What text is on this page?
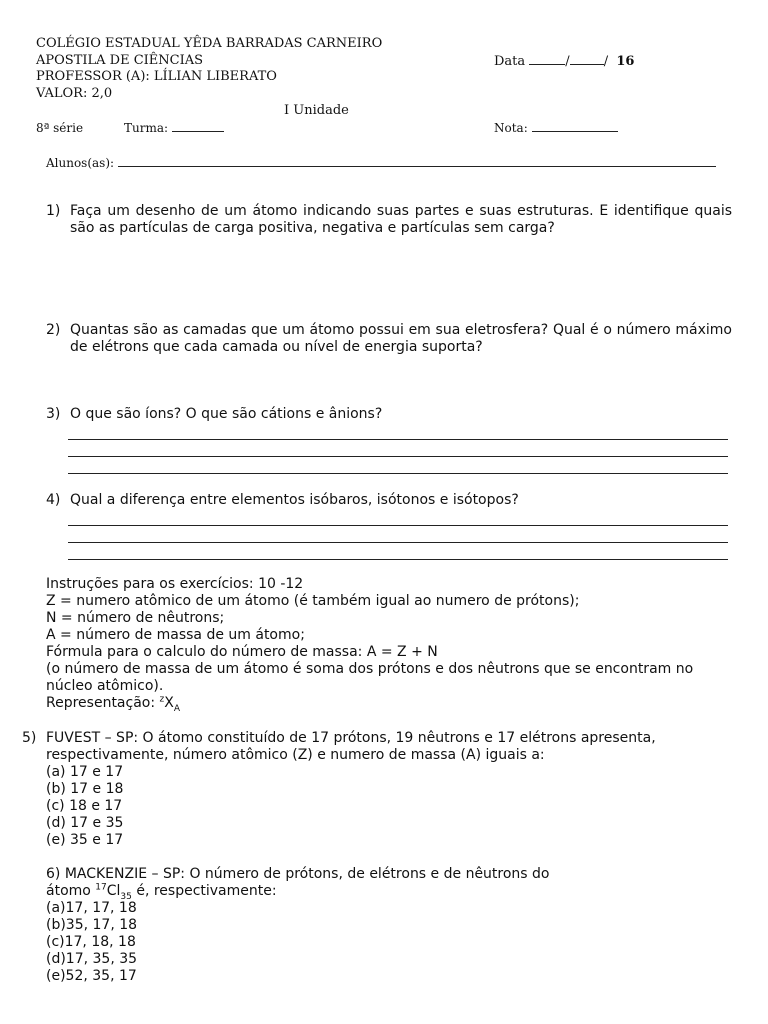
COLÉGIO ESTADUAL YÊDA BARRADAS CARNEIRO
APOSTILA DE CIÊNCIAS
PROFESSOR (A): LÍLIAN LIBERATO
VALOR: 2,0
Data	/	/  16
I Unidade
8ª série	Turma:	Nota:
Alunos(as):
1) Faça um desenho de um átomo indicando suas partes e suas estruturas. E identifique quais são as partículas de carga positiva, negativa e partículas sem carga?
2) Quantas são as camadas que um átomo possui em sua eletrosfera? Qual é o número máximo de elétrons que cada camada ou nível de energia suporta?
3) O que são íons? O que são cátions e ânions?
4) Qual a diferença entre elementos isóbaros, isótonos e isótopos?
Instruções para os exercícios: 10 -12
Z = numero atômico de um átomo (é também igual ao numero de prótons);
N = número de nêutrons;
A = número de massa de um átomo;
Fórmula para o calculo do número de massa: A = Z + N
(o número de massa de um átomo é soma dos prótons e dos nêutrons que se encontram no
núcleo atômico).
Representação: $^zX_A$
5) FUVEST – SP: O átomo constituído de 17 prótons, 19 nêutrons e 17 elétrons apresenta,
respectivamente, número atômico (Z) e numero de massa (A) iguais a:
(a) 17 e 17
(b) 17 e 18
(c) 18 e 17
(d) 17 e 35
(e) 35 e 17
6) MACKENZIE – SP: O número de prótons, de elétrons e de nêutrons do
átomo $^{17}Cl_{35}$ é, respectivamente:
(a)17, 17, 18
(b)35, 17, 18
(c)17, 18, 18
(d)17, 35, 35
(e)52, 35, 17
